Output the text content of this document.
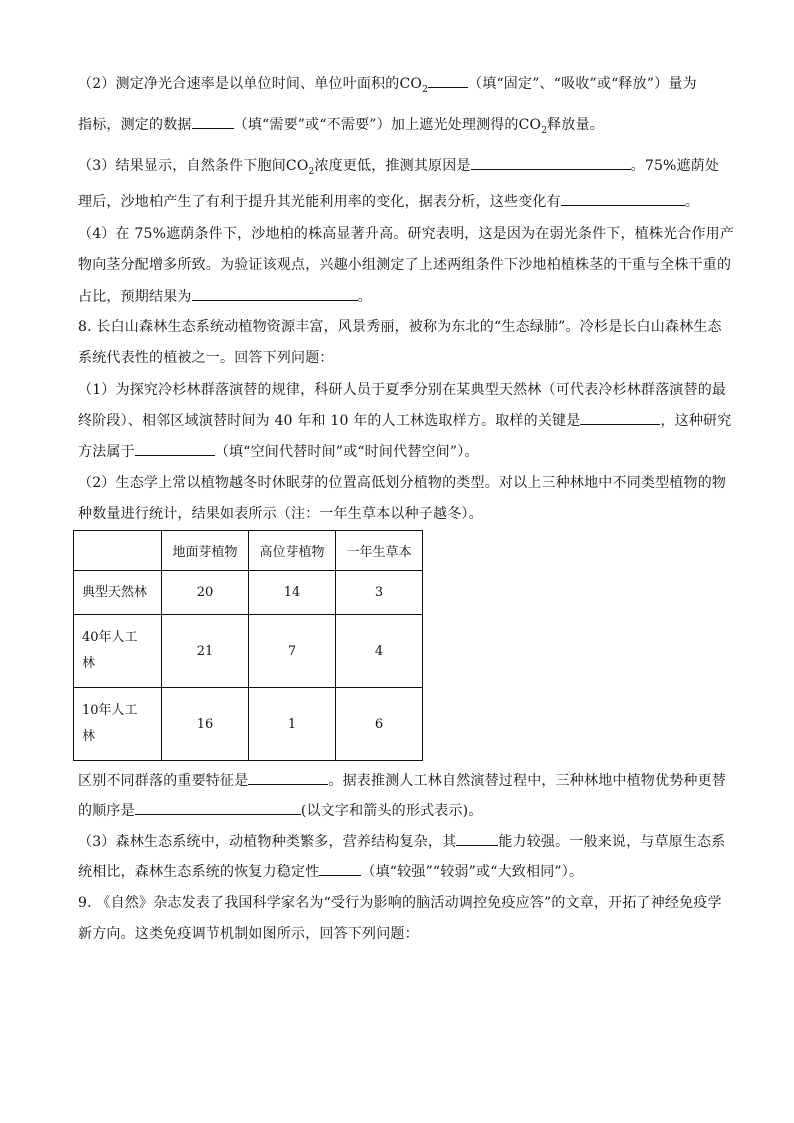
（2）测定净光合速率是以单位时间、单位叶面积的$CO_2$	（填“固定”、“吸收”或“释放”）量为
指标，测定的数据	（填“需要”或“不需要”）加上遮光处理测得的$CO_2$释放量。
（3）结果显示，自然条件下胞间$CO_2$浓度更低，推测其原因是	。75%遮荫处
理后，沙地柏产生了有利于提升其光能利用率的变化，据表分析，这些变化有	。
（4）在 75%遮荫条件下，沙地柏的株高显著升高。研究表明，这是因为在弱光条件下，植株光合作用产
物向茎分配增多所致。为验证该观点，兴趣小组测定了上述两组条件下沙地柏植株茎的干重与全株干重的
占比，预期结果为	。
8. 长白山森林生态系统动植物资源丰富，风景秀丽，被称为东北的“生态绿肺”。冷杉是长白山森林生态
系统代表性的植被之一。回答下列问题：
（1）为探究冷杉林群落演替的规律，科研人员于夏季分别在某典型天然林（可代表冷杉林群落演替的最
终阶段）、相邻区域演替时间为 40 年和 10 年的人工林选取样方。取样的关键是	，这种研究
方法属于	（填“空间代替时间”或“时间代替空间”）。
（2）生态学上常以植物越冬时休眠芽的位置高低划分植物的类型。对以上三种林地中不同类型植物的物
种数量进行统计，结果如表所示（注：一年生草本以种子越冬）。
	地面芽植物	高位芽植物	一年生草本
典型天然林	20	14	3

40年人工林	21	7	4

10年人工林	16	1	6
区别不同群落的重要特征是	。据表推测人工林自然演替过程中，三种林地中植物优势种更替
的顺序是	(以文字和箭头的形式表示)。
（3）森林生态系统中，动植物种类繁多，营养结构复杂，其	能力较强。一般来说，与草原生态系
统相比，森林生态系统的恢复力稳定性	（填“较强”“较弱”或“大致相同”）。
9. 《自然》杂志发表了我国科学家名为“受行为影响的脑活动调控免疫应答”的文章，开拓了神经免疫学
新方向。这类免疫调节机制如图所示，回答下列问题：
